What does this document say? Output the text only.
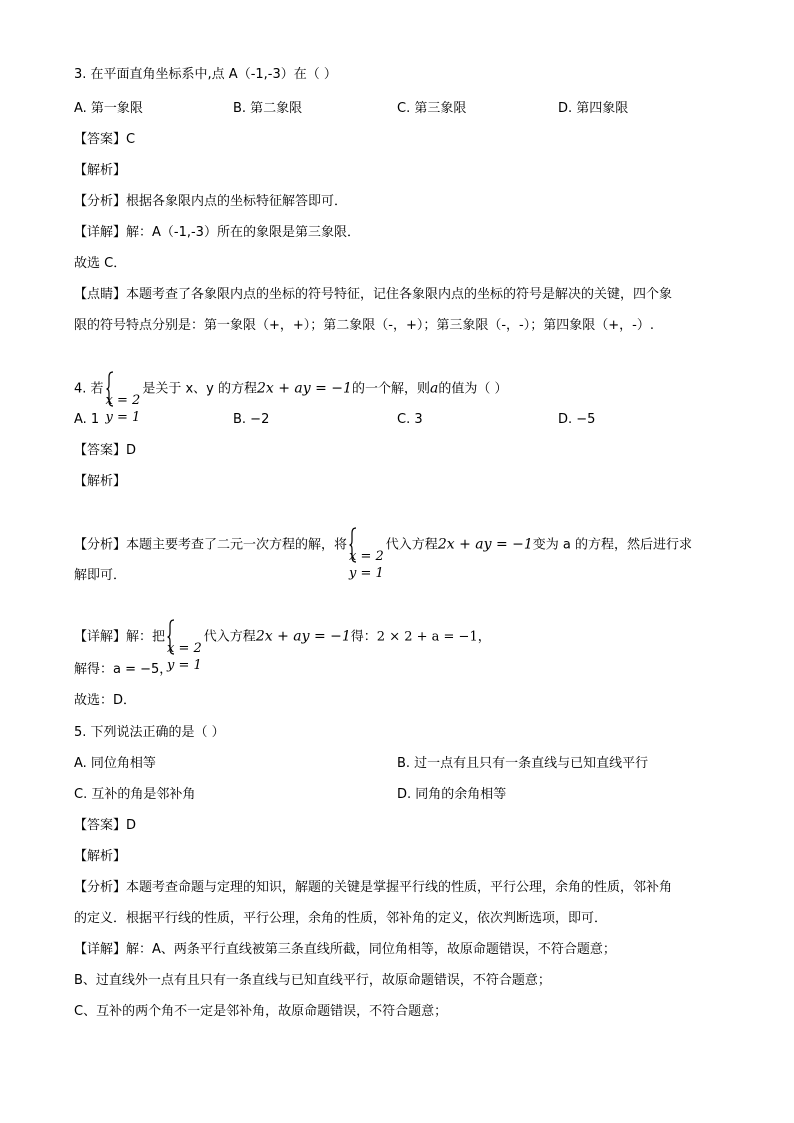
3. 在平面直角坐标系中,点 A（-1,-3）在（ ）
A. 第一象限	B. 第二象限	C. 第三象限	D. 第四象限
【答案】C
【解析】
【分析】根据各象限内点的坐标特征解答即可．
【详解】解：A（-1,-3）所在的象限是第三象限．
故选 C．
【点睛】本题考查了各象限内点的坐标的符号特征，记住各象限内点的坐标的符号是解决的关键，四个象
限的符号特点分别是：第一象限（+，+）；第二象限（-，+）；第三象限（-，-）；第四象限（+，-）.
4. 若
x = 2
y = 1
是关于 x、y 的方程2x + ay = −1的一个解，则a的值为（ ）
A. 1	B. −2	C. 3	D. −5
【答案】D
【解析】
【分析】本题主要考查了二元一次方程的解，将
x = 2
y = 1
代入方程2x + ay = −1变为 a 的方程，然后进行求
解即可．
【详解】解：把
x = 2
y = 1
代入方程2x + ay = −1得：2 × 2 + a = −1，
解得：a = −5，
故选：D．
5. 下列说法正确的是（ ）
A. 同位角相等	B. 过一点有且只有一条直线与已知直线平行
C. 互补的角是邻补角	D. 同角的余角相等
【答案】D
【解析】
【分析】本题考查命题与定理的知识，解题的关键是掌握平行线的性质，平行公理，余角的性质，邻补角
的定义．根据平行线的性质，平行公理，余角的性质，邻补角的定义，依次判断选项，即可．
【详解】解：A、两条平行直线被第三条直线所截，同位角相等，故原命题错误，不符合题意；
B、过直线外一点有且只有一条直线与已知直线平行，故原命题错误，不符合题意；
C、互补的两个角不一定是邻补角，故原命题错误，不符合题意；
